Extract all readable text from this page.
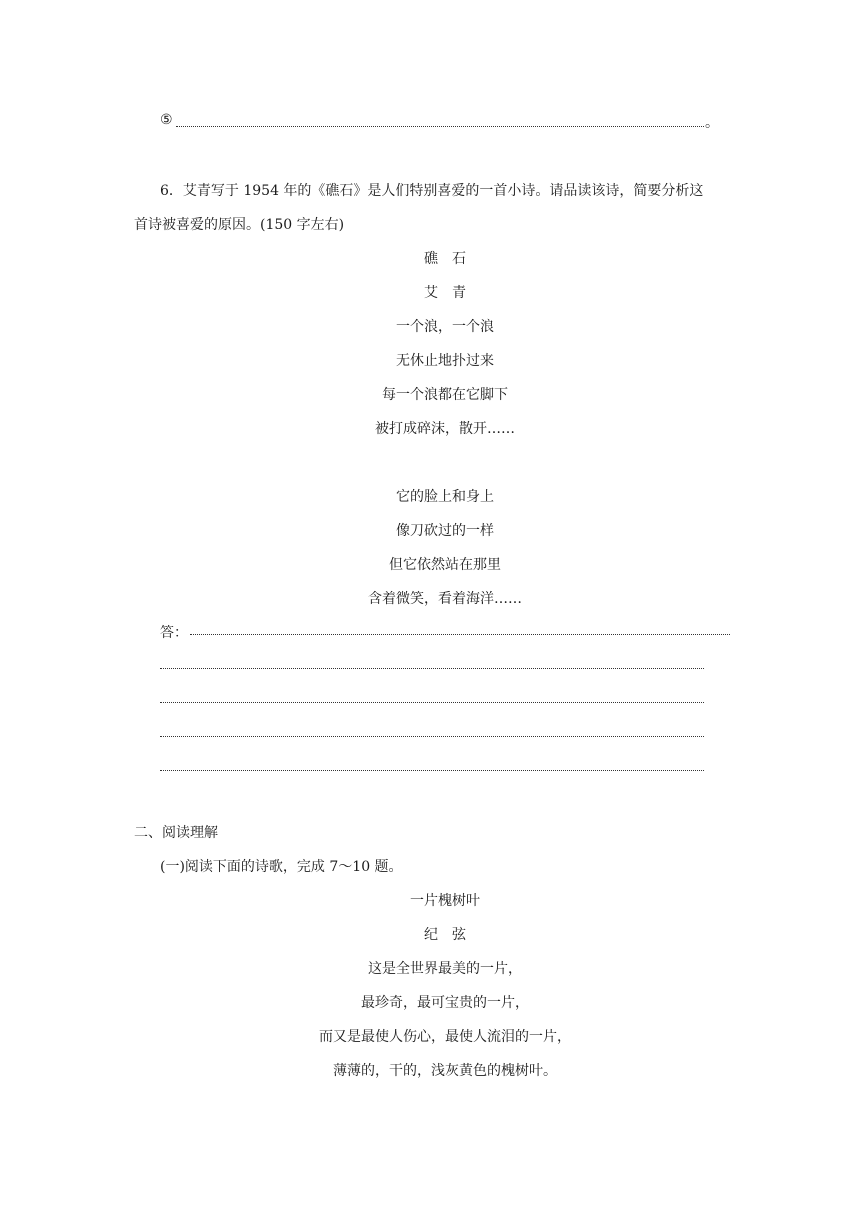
⑤	。
6．艾青写于 1954 年的《礁石》是人们特别喜爱的一首小诗。请品读该诗，简要分析这
首诗被喜爱的原因。(150 字左右)
礁　石
艾　青
一个浪，一个浪
无休止地扑过来
每一个浪都在它脚下
被打成碎沫，散开……
它的脸上和身上
像刀砍过的一样
但它依然站在那里
含着微笑，看着海洋……
答：
二、阅读理解
(一)阅读下面的诗歌，完成 7～10 题。
一片槐树叶
纪　弦
这是全世界最美的一片，
最珍奇，最可宝贵的一片，
而又是最使人伤心，最使人流泪的一片，
薄薄的，干的，浅灰黄色的槐树叶。
